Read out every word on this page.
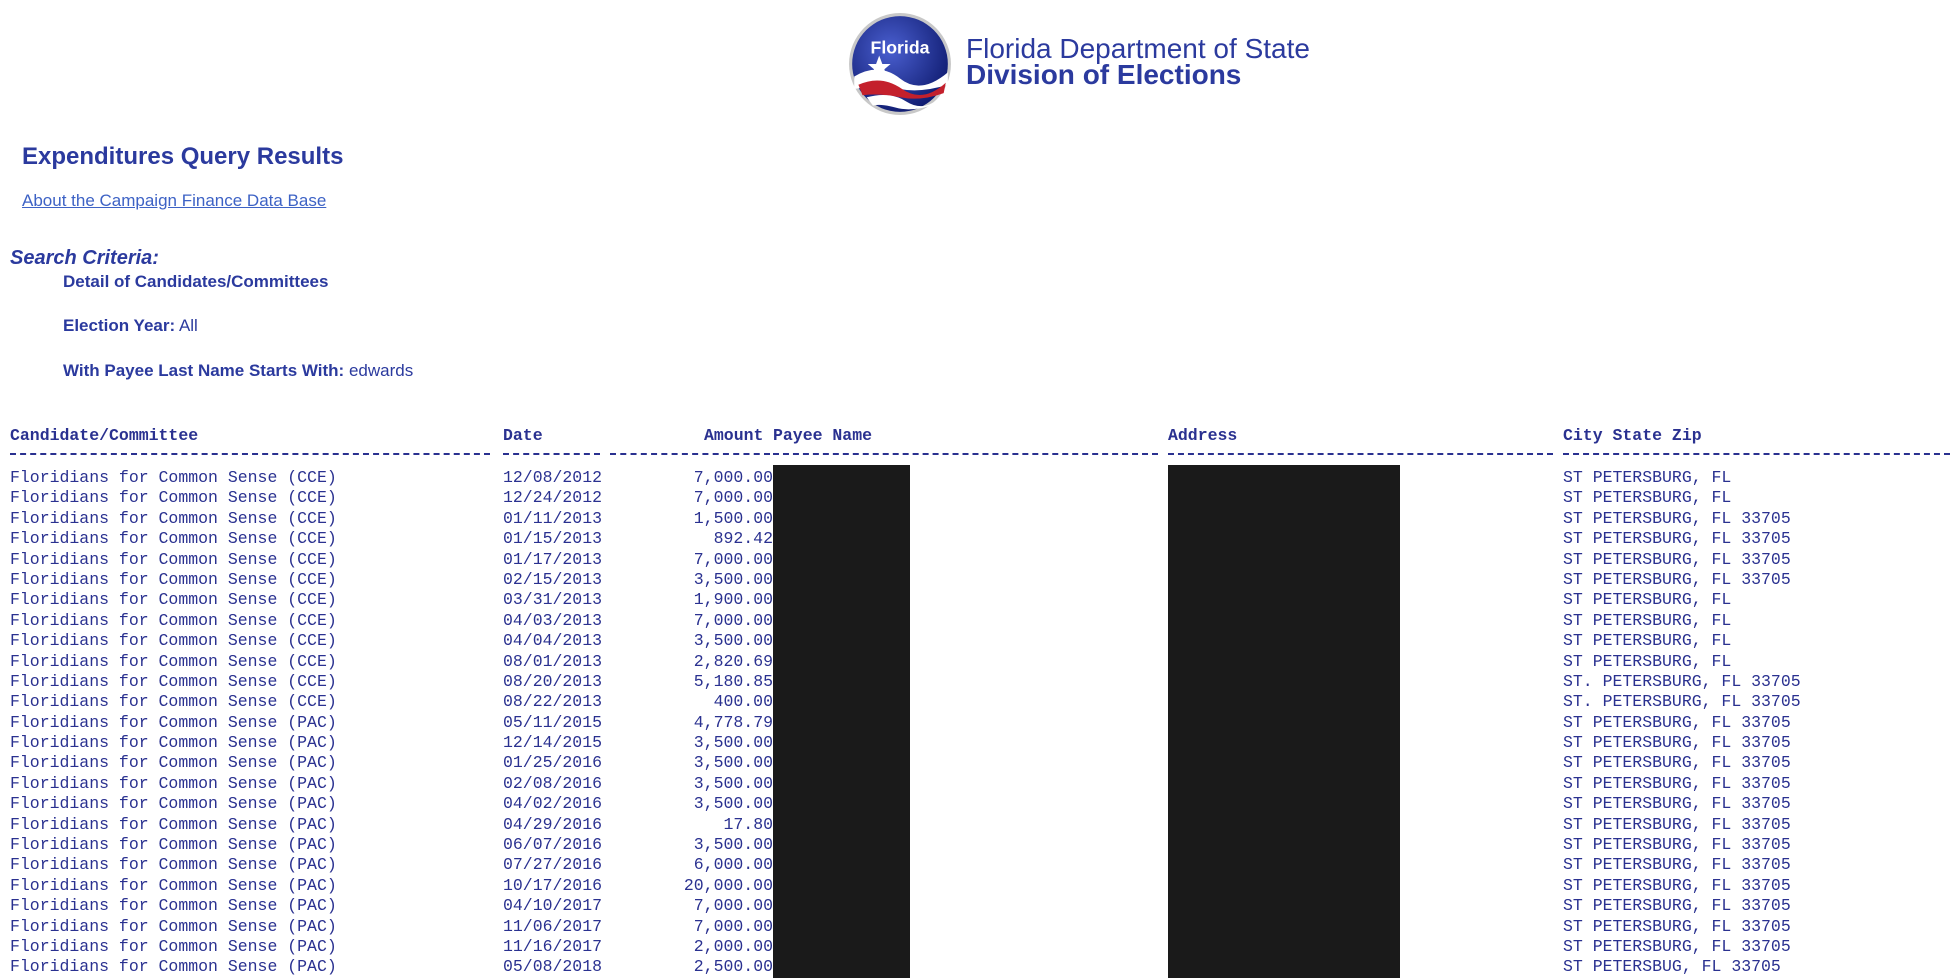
Florida Florida Department of State
Division of Elections
Expenditures Query Results
About the Campaign Finance Data Base
Search Criteria:
Detail of Candidates/Committees
Election Year: All
With Payee Last Name Starts With: edwards
Candidate/Committee	Date	Amount Payee Name	Address	City State Zip
Floridians for Common Sense (CCE)	12/08/2012	7,000.00	ST PETERSBURG, FL
Floridians for Common Sense (CCE)	12/24/2012	7,000.00	ST PETERSBURG, FL
Floridians for Common Sense (CCE)	01/11/2013	1,500.00	ST PETERSBURG, FL 33705
Floridians for Common Sense (CCE)	01/15/2013	892.42	ST PETERSBURG, FL 33705
Floridians for Common Sense (CCE)	01/17/2013	7,000.00	ST PETERSBURG, FL 33705
Floridians for Common Sense (CCE)	02/15/2013	3,500.00	ST PETERSBURG, FL 33705
Floridians for Common Sense (CCE)	03/31/2013	1,900.00	ST PETERSBURG, FL
Floridians for Common Sense (CCE)	04/03/2013	7,000.00	ST PETERSBURG, FL
Floridians for Common Sense (CCE)	04/04/2013	3,500.00	ST PETERSBURG, FL
Floridians for Common Sense (CCE)	08/01/2013	2,820.69	ST PETERSBURG, FL
Floridians for Common Sense (CCE)	08/20/2013	5,180.85	ST. PETERSBURG, FL 33705
Floridians for Common Sense (CCE)	08/22/2013	400.00	ST. PETERSBURG, FL 33705
Floridians for Common Sense (PAC)	05/11/2015	4,778.79	ST PETERSBURG, FL 33705
Floridians for Common Sense (PAC)	12/14/2015	3,500.00	ST PETERSBURG, FL 33705
Floridians for Common Sense (PAC)	01/25/2016	3,500.00	ST PETERSBURG, FL 33705
Floridians for Common Sense (PAC)	02/08/2016	3,500.00	ST PETERSBURG, FL 33705
Floridians for Common Sense (PAC)	04/02/2016	3,500.00	ST PETERSBURG, FL 33705
Floridians for Common Sense (PAC)	04/29/2016	17.80	ST PETERSBURG, FL 33705
Floridians for Common Sense (PAC)	06/07/2016	3,500.00	ST PETERSBURG, FL 33705
Floridians for Common Sense (PAC)	07/27/2016	6,000.00	ST PETERSBURG, FL 33705
Floridians for Common Sense (PAC)	10/17/2016	20,000.00	ST PETERSBURG, FL 33705
Floridians for Common Sense (PAC)	04/10/2017	7,000.00	ST PETERSBURG, FL 33705
Floridians for Common Sense (PAC)	11/06/2017	7,000.00	ST PETERSBURG, FL 33705
Floridians for Common Sense (PAC)	11/16/2017	2,000.00	ST PETERSBURG, FL 33705
Floridians for Common Sense (PAC)	05/08/2018	2,500.00	ST PETERSBUG, FL 33705
